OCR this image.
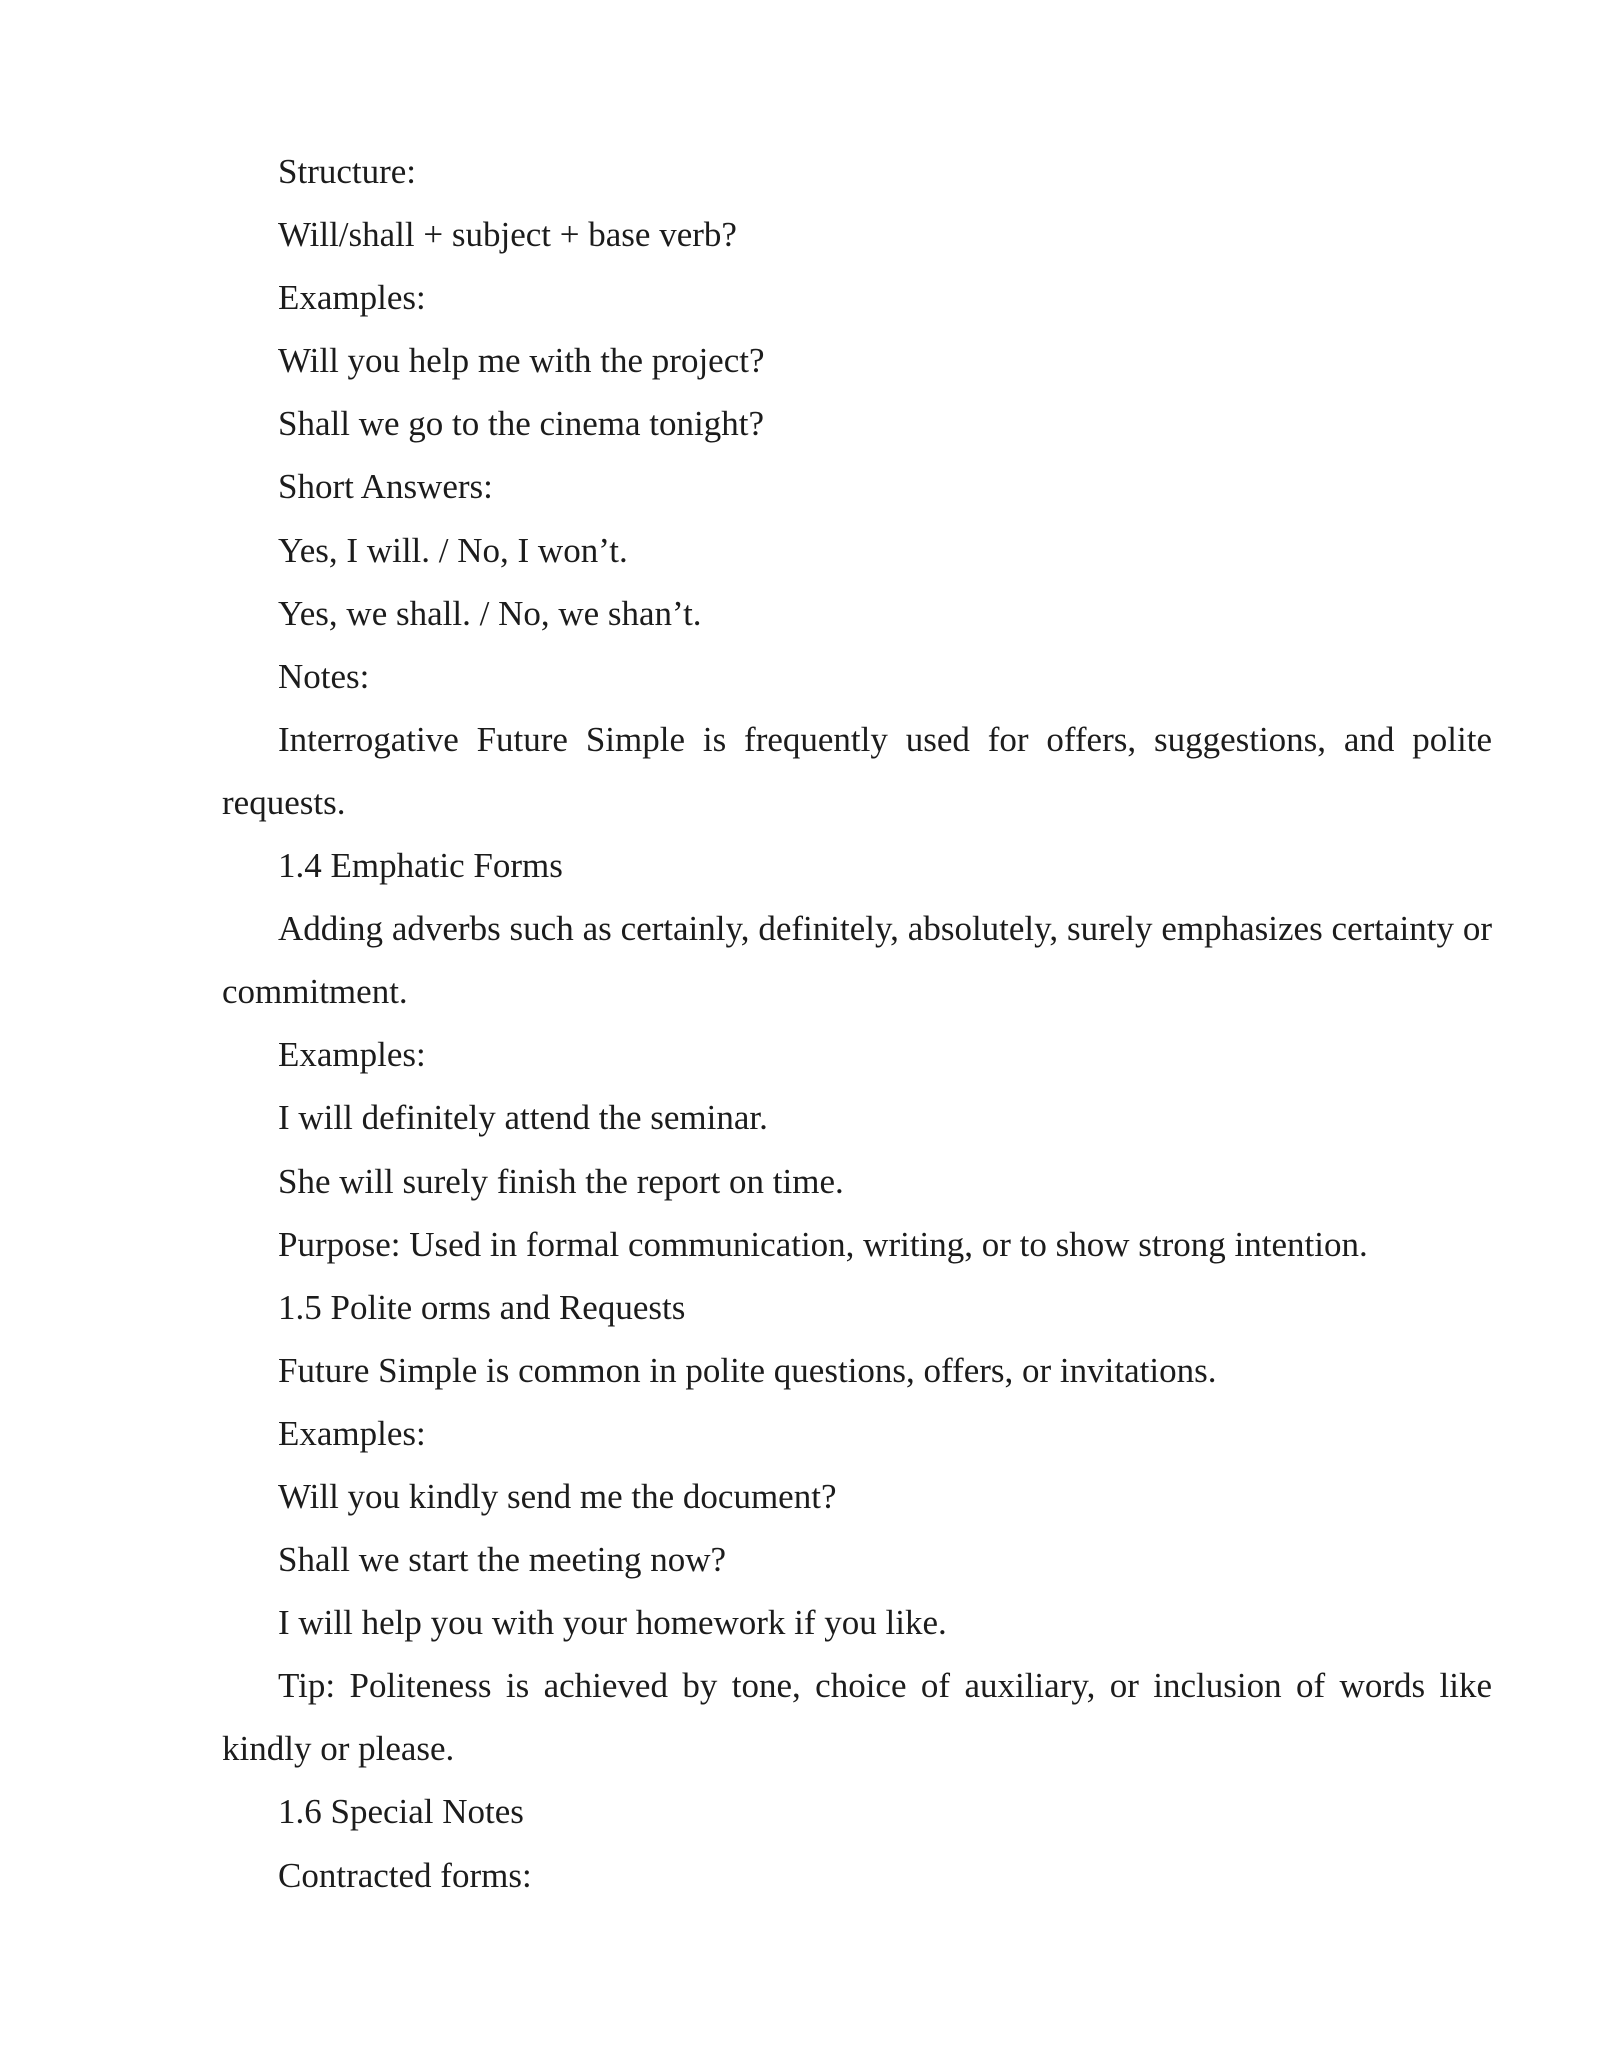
Structure:

Will/shall + subject + base verb?

Examples:

Will you help me with the project?

Shall we go to the cinema tonight?

Short Answers:

Yes, I will. / No, I won’t.

Yes, we shall. / No, we shan’t.

Notes:

Interrogative Future Simple is frequently used for offers, suggestions, and polite requests.

1.4 Emphatic Forms

Adding adverbs such as certainly, definitely, absolutely, surely emphasizes certainty or commitment.

Examples:

I will definitely attend the seminar.

She will surely finish the report on time.

Purpose: Used in formal communication, writing, or to show strong intention.

1.5 Polite orms and Requests

Future Simple is common in polite questions, offers, or invitations.

Examples:

Will you kindly send me the document?

Shall we start the meeting now?

I will help you with your homework if you like.

Tip: Politeness is achieved by tone, choice of auxiliary, or inclusion of words like kindly or please.

1.6 Special Notes

Contracted forms:
